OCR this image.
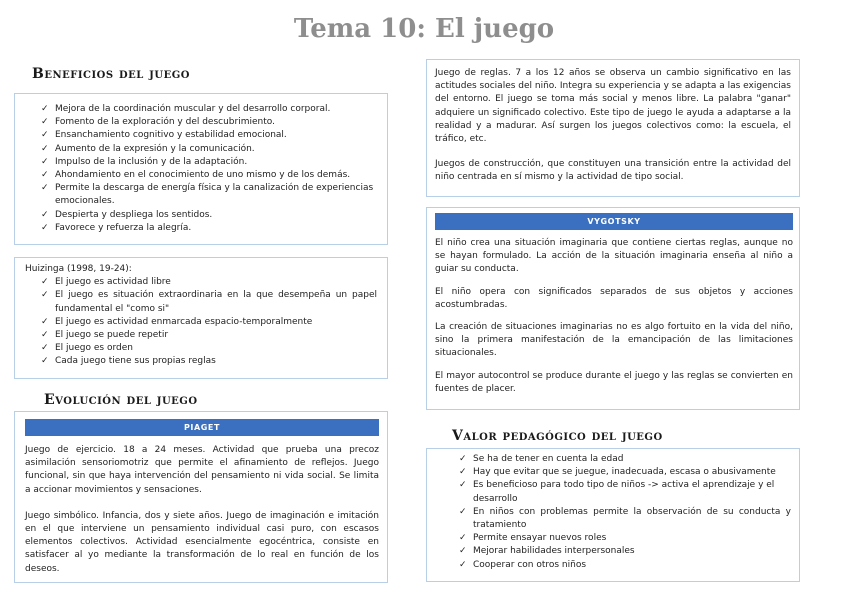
Tema 10: El juego
Beneficios del juego
✓ Mejora de la coordinación muscular y del desarrollo corporal.
✓ Fomento de la exploración y del descubrimiento.
✓ Ensanchamiento cognitivo y estabilidad emocional.
✓ Aumento de la expresión y la comunicación.
✓ Impulso de la inclusión y de la adaptación.
✓ Ahondamiento en el conocimiento de uno mismo y de los demás.
✓ Permite la descarga de energía física y la canalización de experiencias emocionales.
✓ Despierta y despliega los sentidos.
✓ Favorece y refuerza la alegría.
Huizinga (1998, 19-24):
✓ El juego es actividad libre
✓ El juego es situación extraordinaria en la que desempeña un papel fundamental el "como si"
✓ El juego es actividad enmarcada espacio-temporalmente
✓ El juego se puede repetir
✓ El juego es orden
✓ Cada juego tiene sus propias reglas
Evolución del juego
PIAGET

Juego de ejercicio. 18 a 24 meses. Actividad que prueba una precoz asimilación sensoriomotriz que permite el afinamiento de reflejos. Juego funcional, sin que haya intervención del pensamiento ni vida social. Se limita a accionar movimientos y sensaciones.

Juego simbólico. Infancia, dos y siete años. Juego de imaginación e imitación en el que interviene un pensamiento individual casi puro, con escasos elementos colectivos. Actividad esencialmente egocéntrica, consiste en satisfacer al yo mediante la transformación de lo real en función de los deseos.

Juego de reglas. 7 a los 12 años se observa un cambio significativo en las actitudes sociales del niño. Integra su experiencia y se adapta a las exigencias del entorno. El juego se toma más social y menos libre. La palabra "ganar" adquiere un significado colectivo. Este tipo de juego le ayuda a adaptarse a la realidad y a madurar. Así surgen los juegos colectivos como: la escuela, el tráfico, etc.

Juegos de construcción, que constituyen una transición entre la actividad del niño centrada en sí mismo y la actividad de tipo social.

VYGOTSKY

El niño crea una situación imaginaria que contiene ciertas reglas, aunque no se hayan formulado. La acción de la situación imaginaria enseña al niño a guiar su conducta.

El niño opera con significados separados de sus objetos y acciones acostumbradas.

La creación de situaciones imaginarias no es algo fortuito en la vida del niño, sino la primera manifestación de la emancipación de las limitaciones situacionales.

El mayor autocontrol se produce durante el juego y las reglas se convierten en fuentes de placer.

Valor pedagógico del juego
✓ Se ha de tener en cuenta la edad
✓ Hay que evitar que se juegue, inadecuada, escasa o abusivamente
✓ Es beneficioso para todo tipo de niños -> activa el aprendizaje y el desarrollo
✓ En niños con problemas permite la observación de su conducta y tratamiento
✓ Permite ensayar nuevos roles
✓ Mejorar habilidades interpersonales
✓ Cooperar con otros niños
